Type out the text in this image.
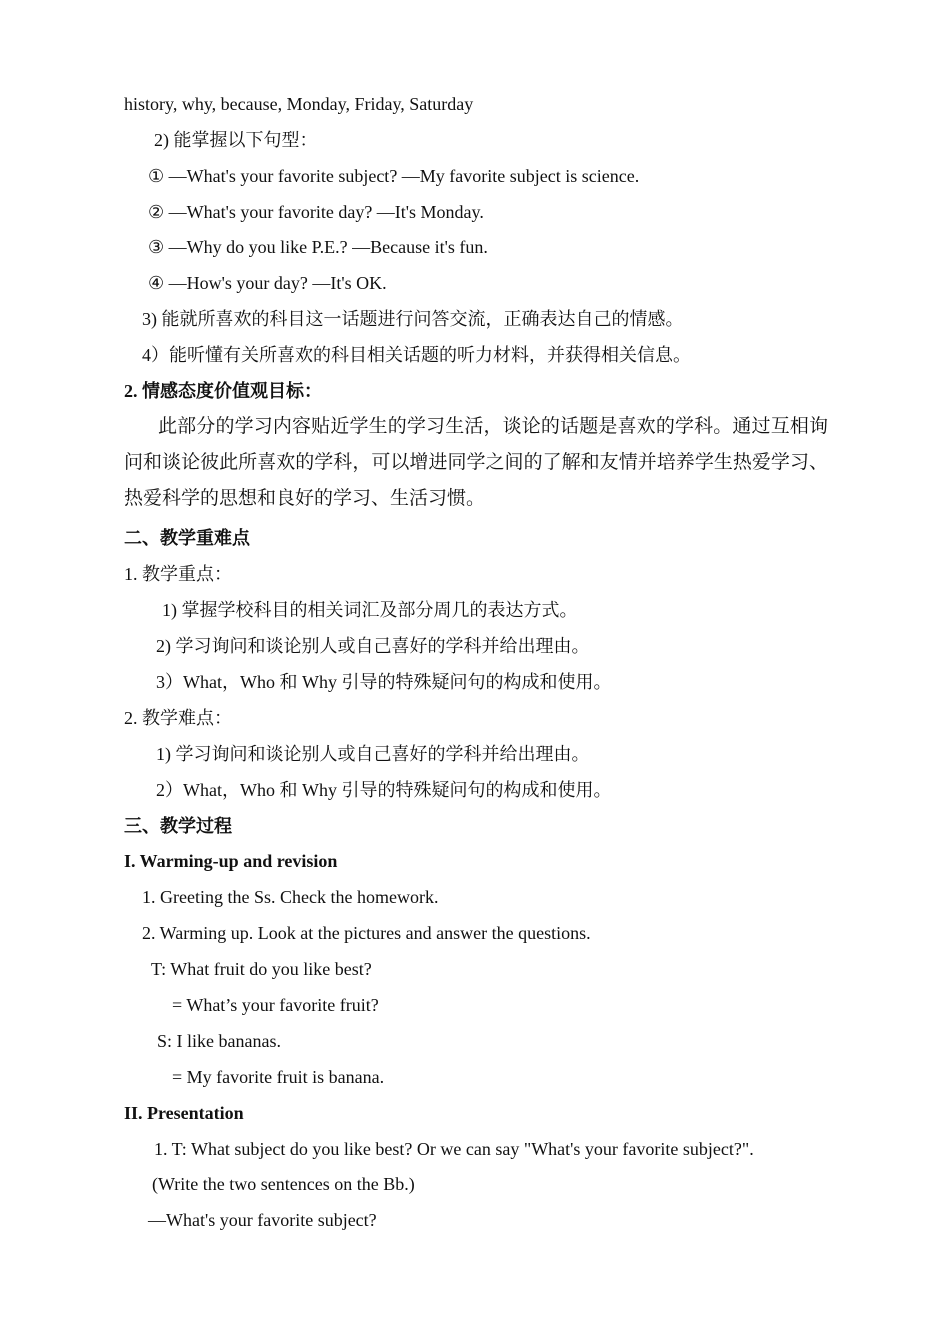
history, why, because, Monday, Friday, Saturday
2) 能掌握以下句型：
① —What's your favorite subject? —My favorite subject is science.
② —What's your favorite day? —It's Monday.
③ —Why do you like P.E.? —Because it's fun.
④ —How's your day? —It's OK.
3) 能就所喜欢的科目这一话题进行问答交流，正确表达自己的情感。
4）能听懂有关所喜欢的科目相关话题的听力材料，并获得相关信息。
2. 情感态度价值观目标：
此部分的学习内容贴近学生的学习生活，谈论的话题是喜欢的学科。通过互相询问和谈论彼此所喜欢的学科，可以增进同学之间的了解和友情并培养学生热爱学习、热爱科学的思想和良好的学习、生活习惯。
二、教学重难点
1. 教学重点：
1) 掌握学校科目的相关词汇及部分周几的表达方式。
2) 学习询问和谈论别人或自己喜好的学科并给出理由。
3）What，Who 和 Why 引导的特殊疑问句的构成和使用。
2. 教学难点：
1) 学习询问和谈论别人或自己喜好的学科并给出理由。
2）What，Who 和 Why 引导的特殊疑问句的构成和使用。
三、教学过程
I. Warming-up and revision
1. Greeting the Ss. Check the homework.
2. Warming up. Look at the pictures and answer the questions.
T: What fruit do you like best?
= What’s your favorite fruit?
S: I like bananas.
= My favorite fruit is banana.
II. Presentation
1. T: What subject do you like best? Or we can say "What's your favorite subject?".
(Write the two sentences on the Bb.)
—What's your favorite subject?
